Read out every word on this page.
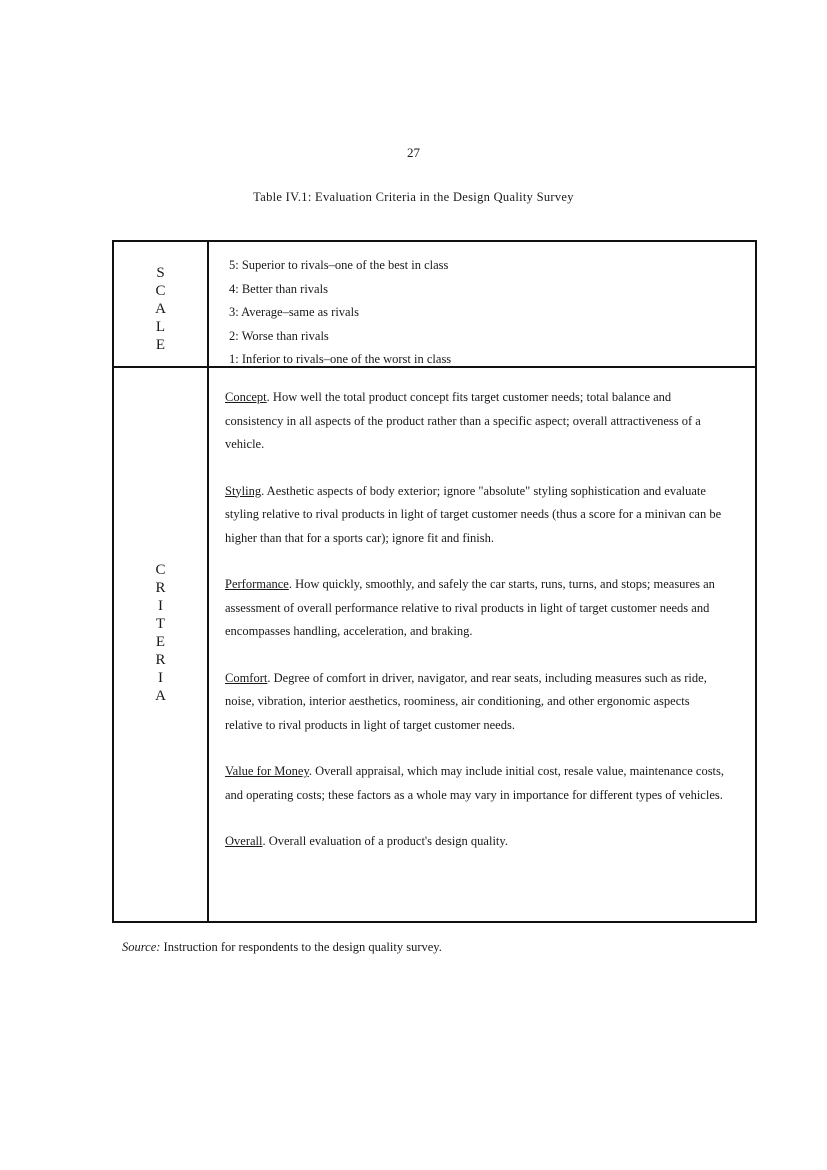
27
Table IV.1: Evaluation Criteria in the Design Quality Survey
S
C
A
L
E
5: Superior to rivals–one of the best in class
4: Better than rivals
3: Average–same as rivals
2: Worse than rivals
1: Inferior to rivals–one of the worst in class
C
R
I
T
E
R
I
A

Concept. How well the total product concept fits target customer needs; total balance and consistency in all aspects of the product rather than a specific aspect; overall attractiveness of a vehicle.

Styling. Aesthetic aspects of body exterior; ignore "absolute" styling sophistication and evaluate styling relative to rival products in light of target customer needs (thus a score for a minivan can be higher than that for a sports car); ignore fit and finish.

Performance. How quickly, smoothly, and safely the car starts, runs, turns, and stops; measures an assessment of overall performance relative to rival products in light of target customer needs and encompasses handling, acceleration, and braking.

Comfort. Degree of comfort in driver, navigator, and rear seats, including measures such as ride, noise, vibration, interior aesthetics, roominess, air conditioning, and other ergonomic aspects relative to rival products in light of target customer needs.

Value for Money. Overall appraisal, which may include initial cost, resale value, maintenance costs, and operating costs; these factors as a whole may vary in importance for different types of vehicles.

Overall. Overall evaluation of a product's design quality.

Source: Instruction for respondents to the design quality survey.
